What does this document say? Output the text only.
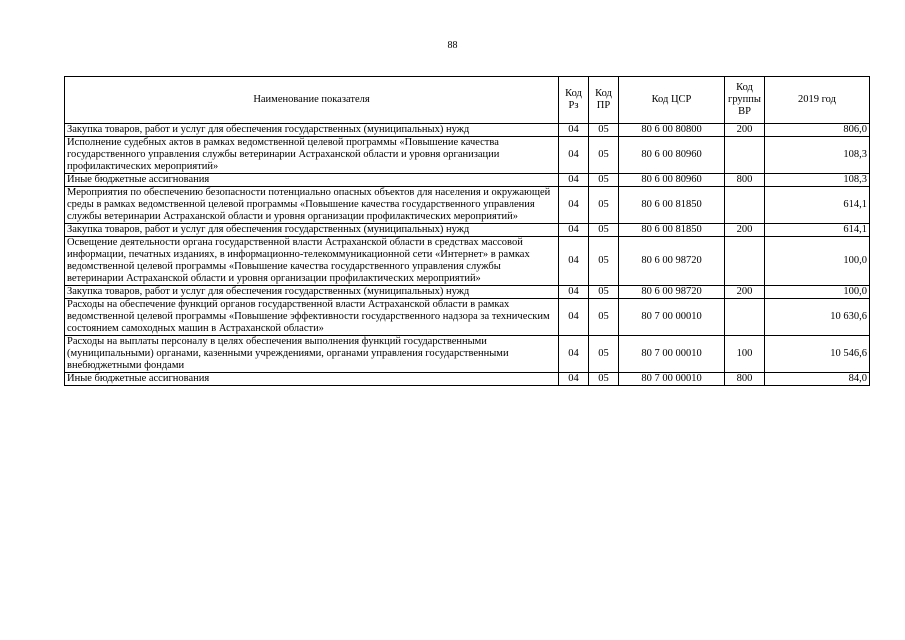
88
Наименование показателя	Код Рз	Код ПР	Код ЦСР	Код группы ВР	2019 год
Закупка товаров, работ и услуг для обеспечения государственных (муниципальных) нужд	04	05	80 6 00 80800	200	806,0
Исполнение судебных актов в рамках ведомственной целевой программы «Повышение качества государственного управления службы ветеринарии Астраханской области и уровня организации профилактических мероприятий»	04	05	80 6 00 80960		108,3
Иные бюджетные ассигнования	04	05	80 6 00 80960	800	108,3
Мероприятия по обеспечению безопасности потенциально опасных объектов для населения и окружающей среды в рамках ведомственной целевой программы «Повышение качества государственного управления службы ветеринарии Астраханской области и уровня организации профилактических мероприятий»	04	05	80 6 00 81850		614,1
Закупка товаров, работ и услуг для обеспечения государственных (муниципальных) нужд	04	05	80 6 00 81850	200	614,1
Освещение деятельности органа государственной власти Астраханской области в средствах массовой информации, печатных изданиях, в информационно-телекоммуникационной сети «Интернет» в рамках ведомственной целевой программы «Повышение качества государственного управления службы ветеринарии Астраханской области и уровня организации профилактических мероприятий»	04	05	80 6 00 98720		100,0
Закупка товаров, работ и услуг для обеспечения государственных (муниципальных) нужд	04	05	80 6 00 98720	200	100,0
Расходы на обеспечение функций органов государственной власти Астраханской области в рамках ведомственной целевой программы «Повышение эффективности государственного надзора за техническим состоянием самоходных машин в Астраханской области»	04	05	80 7 00 00010		10 630,6
Расходы на выплаты персоналу в целях обеспечения выполнения функций государственными (муниципальными) органами, казенными учреждениями, органами управления государственными внебюджетными фондами	04	05	80 7 00 00010	100	10 546,6
Иные бюджетные ассигнования	04	05	80 7 00 00010	800	84,0
